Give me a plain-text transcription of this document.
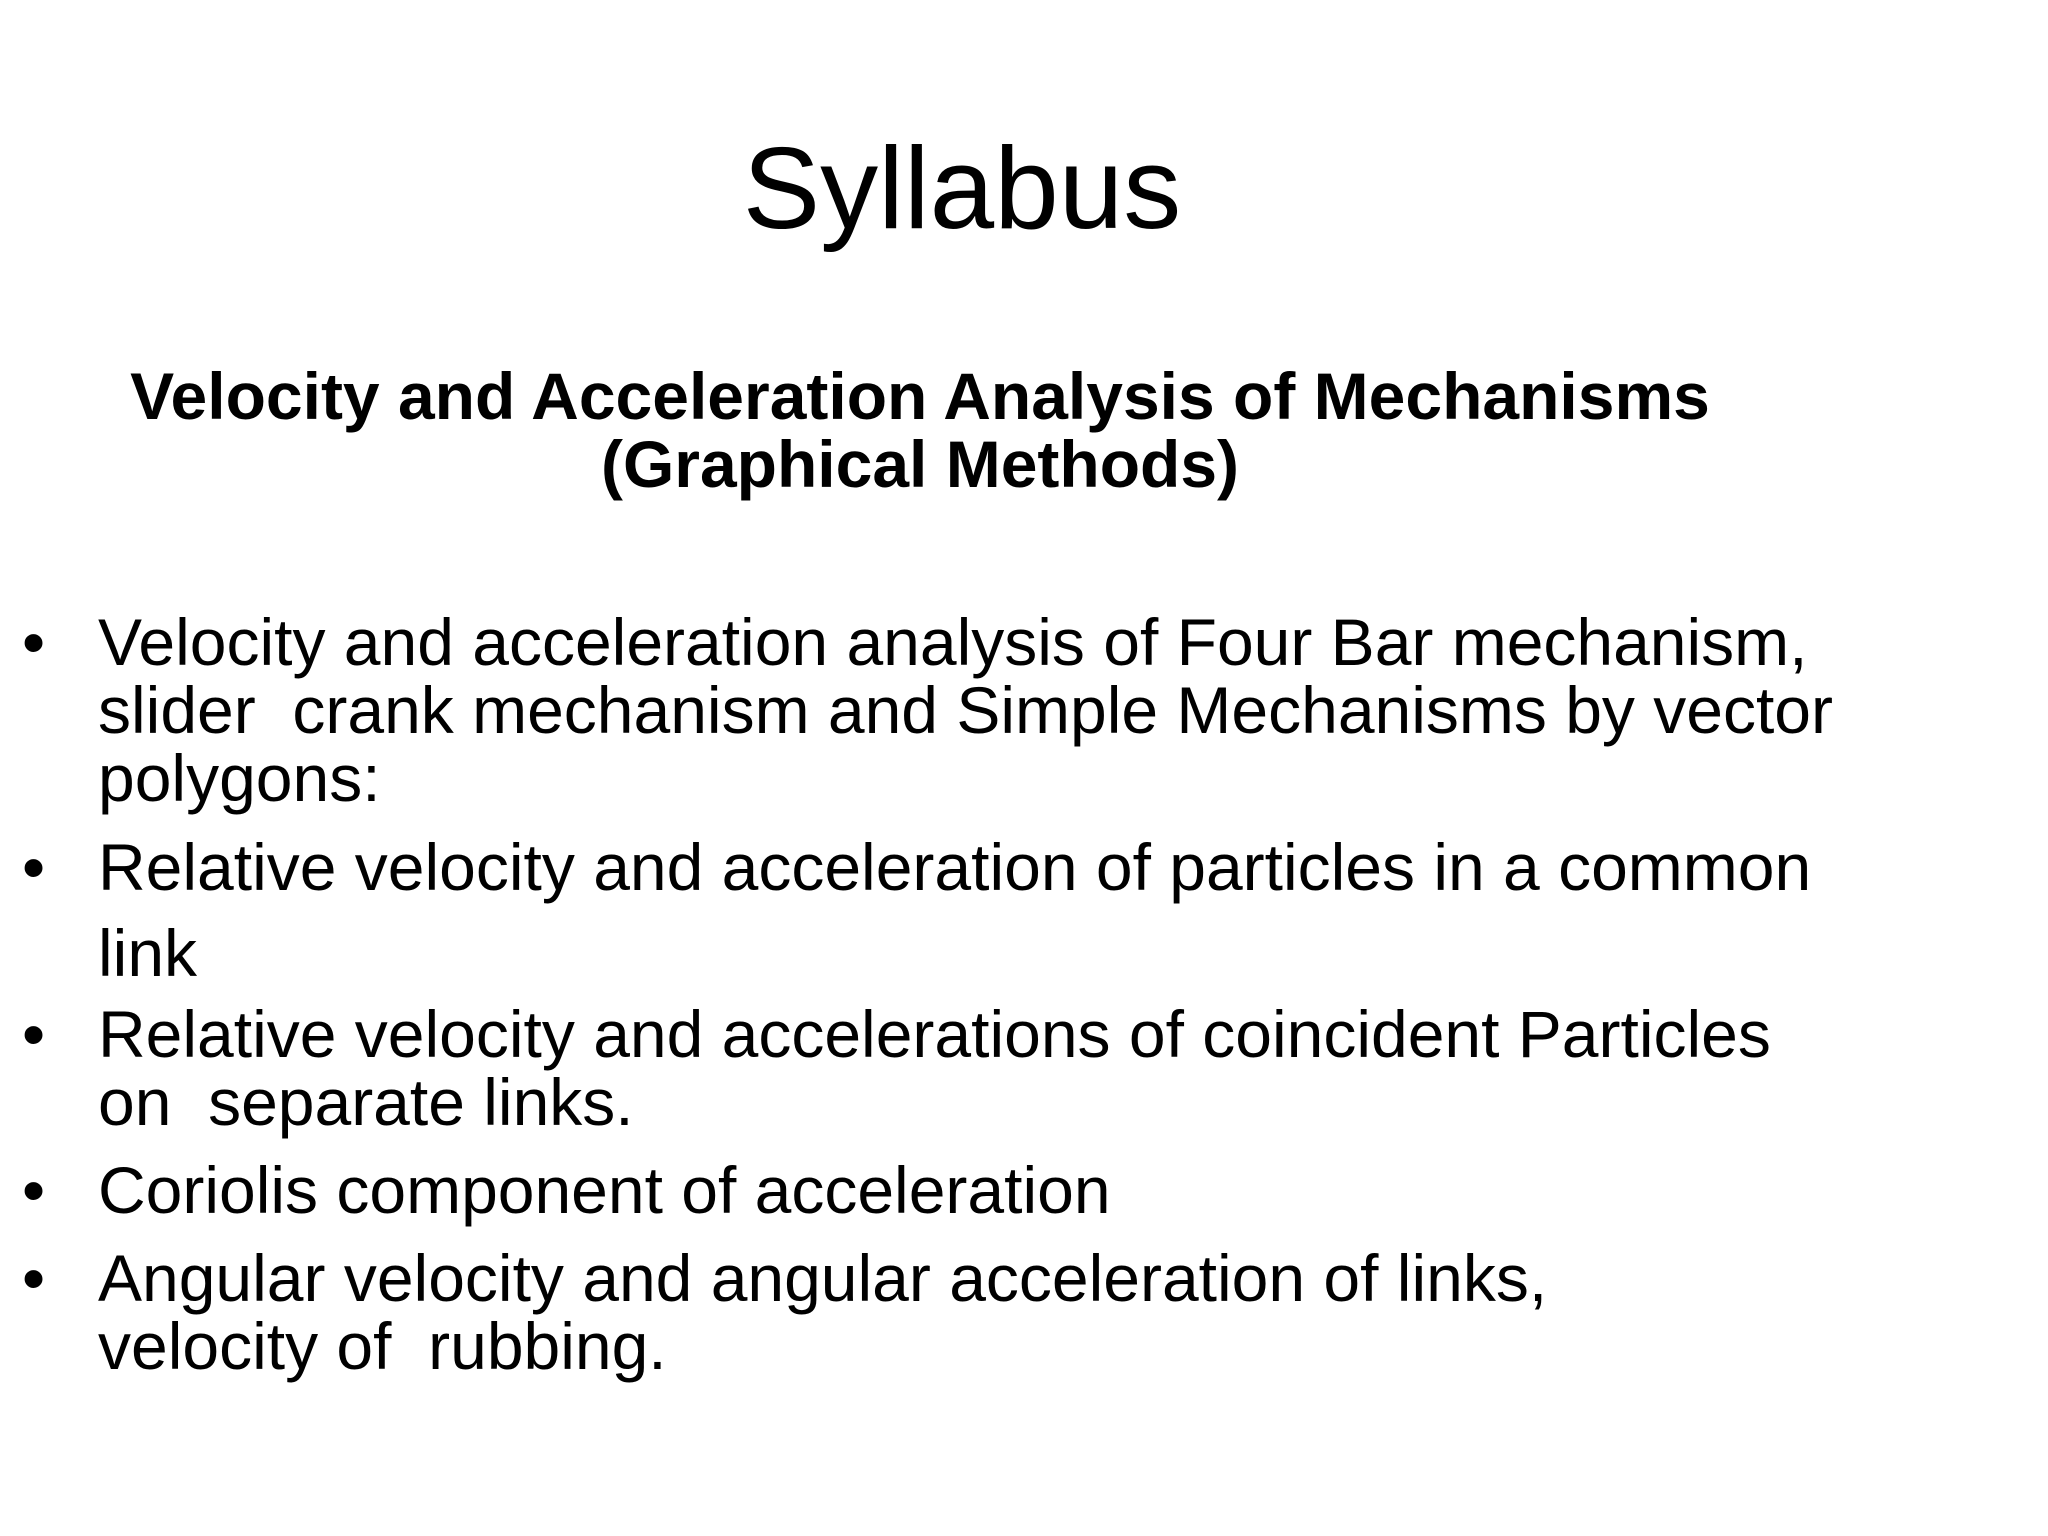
Syllabus
Velocity and Acceleration Analysis of Mechanisms
(Graphical Methods)
• Velocity and acceleration analysis of Four Bar mechanism,
slider  crank mechanism and Simple Mechanisms by vector
polygons:
• Relative velocity and acceleration of particles in a common
link
• Relative velocity and accelerations of coincident Particles
on  separate links.
• Coriolis component of acceleration
• Angular velocity and angular acceleration of links,
velocity of  rubbing.
